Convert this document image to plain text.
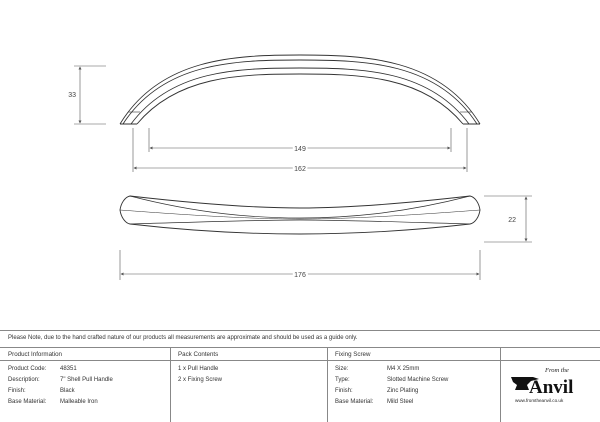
33
149
162
22
176
Please Note, due to the hand crafted nature of our products all measurements are approximate and should be used as a guide only.
Product Information
Product Code: 48351
Description:	7" Shell Pull Handle
Finish:	Black
Base Material: Malleable Iron
Pack Contents
1 x Pull Handle
2 x Fixing Screw
Fixing Screw
Size:	M4 X 25mm
Type:	Slotted Machine Screw
Finish:	Zinc Plating
Base Material: Mild Steel
From the
Anvil
www.fromtheanvil.co.uk
